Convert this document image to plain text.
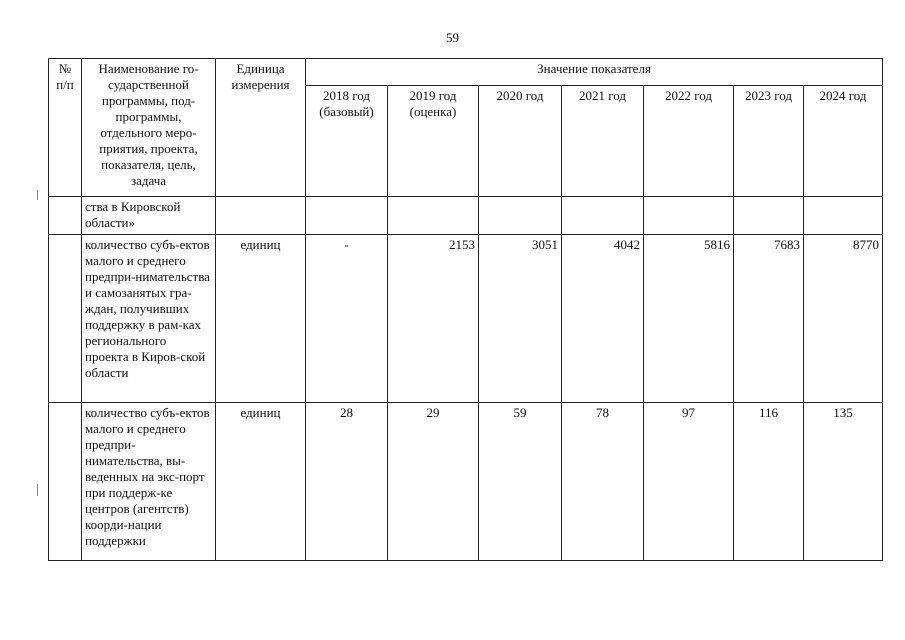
59
№ п/п	Наименование го-сударственной программы, под-программы, отдельного меро-приятия, проекта, показателя, цель, задача	Единица измерения	Значение показателя						
			2018 год (базовый)	2019 год (оценка)	2020 год	2021 год	2022 год	2023 год	2024 год
	ства в Кировской области»								
	количество субъ-ектов малого и среднего предпри-нимательства и самозанятых гра-ждан, получивших поддержку в рам-ках регионального проекта в Киров-ской области	единиц	-	2153	3051	4042	5816	7683	8770
	количество субъ-ектов малого и среднего предпри-нимательства, вы-веденных на экс-порт при поддерж-ке центров (агентств) коорди-нации поддержки	единиц	28	29	59	78	97	116	135
